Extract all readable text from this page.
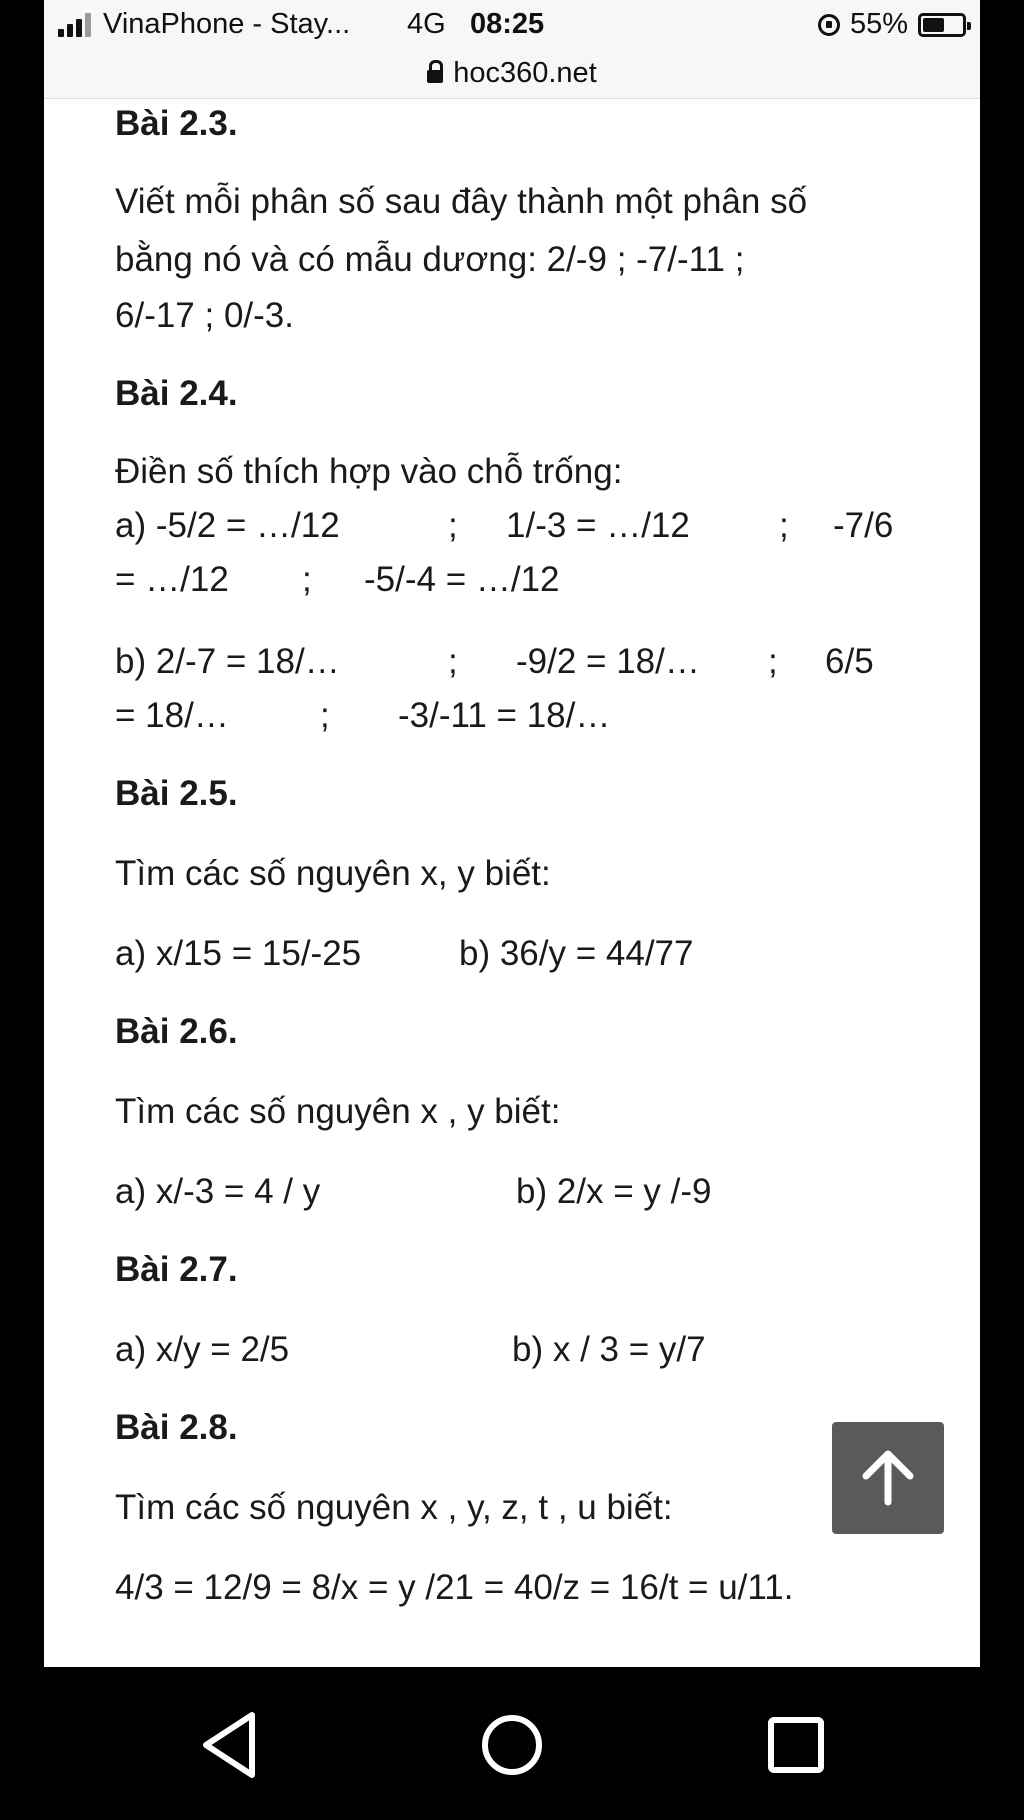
VinaPhone - Stay... 4G 08:25	55%
hoc360.net
Bài 2.3.
Viết mỗi phân số sau đây thành một phân số
bằng nó và có mẫu dương: 2/-9 ; -7/-11 ;
6/-17 ; 0/-3.
Bài 2.4.
Điền số thích hợp vào chỗ trống:
a) -5/2 = …/12	; 1/-3 = …/12	; -7/6
= …/12 ; -5/-4 = …/12
b) 2/-7 = 18/…	; -9/2 = 18/… ; 6/5
= 18/…	; -3/-11 = 18/…
Bài 2.5.
Tìm các số nguyên x, y biết:
a) x/15 = 15/-25	b) 36/y = 44/77
Bài 2.6.
Tìm các số nguyên x , y biết:
a) x/-3 = 4 / y	b) 2/x = y /-9
Bài 2.7.
a) x/y = 2/5	b) x / 3 = y/7
Bài 2.8.
Tìm các số nguyên x , y, z, t , u biết:
4/3 = 12/9 = 8/x = y /21 = 40/z = 16/t = u/11.
